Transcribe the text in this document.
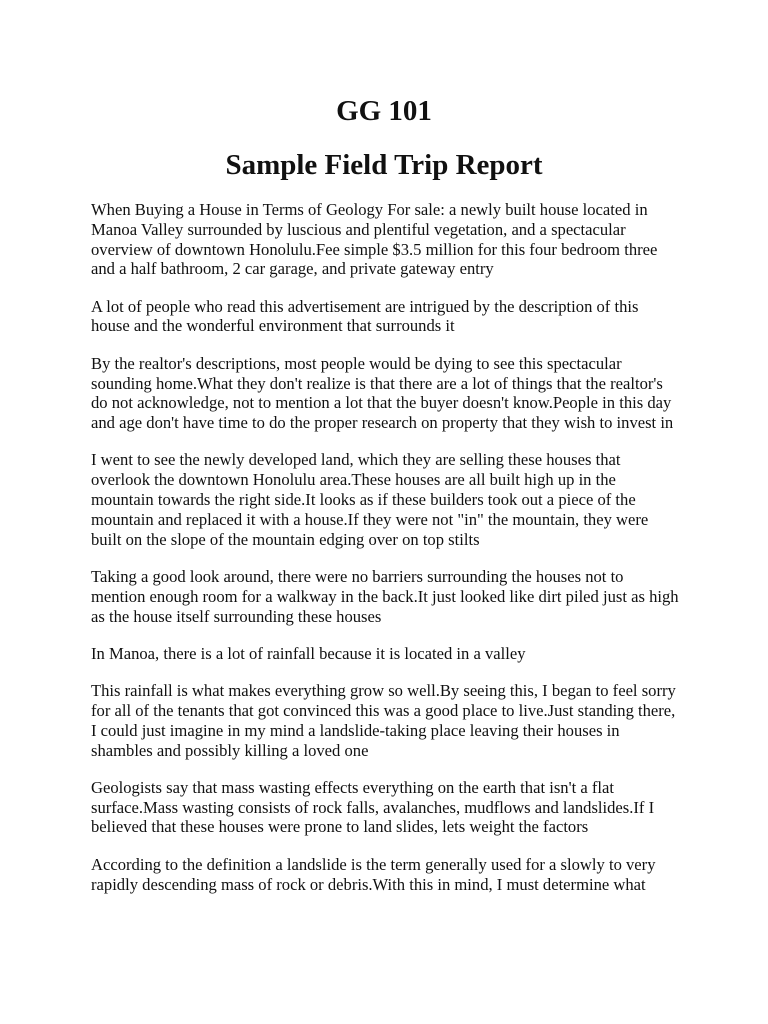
GG 101
Sample Field Trip Report

When Buying a House in Terms of Geology For sale: a newly built house located in Manoa Valley surrounded by luscious and plentiful vegetation, and a spectacular overview of downtown Honolulu.Fee simple $3.5 million for this four bedroom three and a half bathroom, 2 car garage, and private gateway entry

A lot of people who read this advertisement are intrigued by the description of this house and the wonderful environment that surrounds it

By the realtor's descriptions, most people would be dying to see this spectacular sounding home.What they don't realize is that there are a lot of things that the realtor's do not acknowledge, not to mention a lot that the buyer doesn't know.People in this day and age don't have time to do the proper research on property that they wish to invest in

I went to see the newly developed land, which they are selling these houses that overlook the downtown Honolulu area.These houses are all built high up in the mountain towards the right side.It looks as if these builders took out a piece of the mountain and replaced it with a house.If they were not "in" the mountain, they were built on the slope of the mountain edging over on top stilts

Taking a good look around, there were no barriers surrounding the houses not to mention enough room for a walkway in the back.It just looked like dirt piled just as high as the house itself surrounding these houses

In Manoa, there is a lot of rainfall because it is located in a valley

This rainfall is what makes everything grow so well.By seeing this, I began to feel sorry for all of the tenants that got convinced this was a good place to live.Just standing there, I could just imagine in my mind a landslide-taking place leaving their houses in shambles and possibly killing a loved one

Geologists say that mass wasting effects everything on the earth that isn't a flat surface.Mass wasting consists of rock falls, avalanches, mudflows and landslides.If I believed that these houses were prone to land slides, lets weight the factors

According to the definition a landslide is the term generally used for a slowly to very rapidly descending mass of rock or debris.With this in mind, I must determine what
